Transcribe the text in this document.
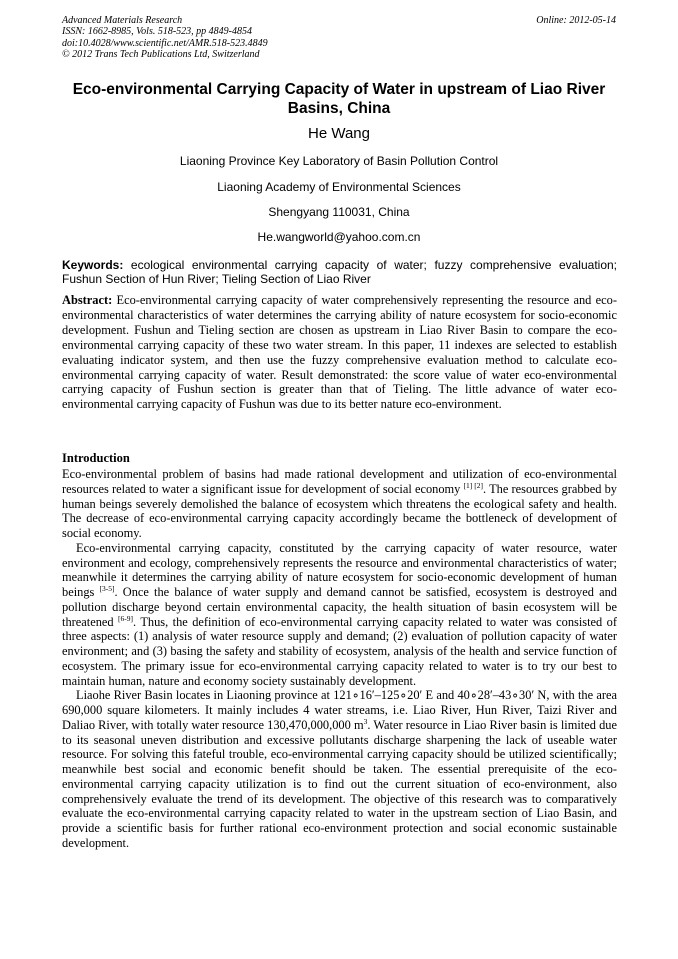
Advanced Materials Research
ISSN: 1662-8985, Vols. 518-523, pp 4849-4854
doi:10.4028/www.scientific.net/AMR.518-523.4849
© 2012 Trans Tech Publications Ltd, Switzerland
Online: 2012-05-14
Eco-environmental Carrying Capacity of Water in upstream of Liao River Basins, China
He Wang
Liaoning Province Key Laboratory of Basin Pollution Control
Liaoning Academy of Environmental Sciences
Shengyang 110031, China
He.wangworld@yahoo.com.cn
Keywords: ecological environmental carrying capacity of water; fuzzy comprehensive evaluation; Fushun Section of Hun River; Tieling Section of Liao River
Abstract: Eco-environmental carrying capacity of water comprehensively representing the resource and eco-environmental characteristics of water determines the carrying ability of nature ecosystem for socio-economic development. Fushun and Tieling section are chosen as upstream in Liao River Basin to compare the eco-environmental carrying capacity of these two water stream. In this paper, 11 indexes are selected to establish evaluating indicator system, and then use the fuzzy comprehensive evaluation method to calculate eco-environmental carrying capacity of water. Result demonstrated: the score value of water eco-environmental carrying capacity of Fushun section is greater than that of Tieling. The little advance of water eco-environmental carrying capacity of Fushun was due to its better nature eco-environment.
Introduction

Eco-environmental problem of basins had made rational development and utilization of eco-environmental resources related to water a significant issue for development of social economy [1] [2]. The resources grabbed by human beings severely demolished the balance of ecosystem which threatens the ecological safety and health. The decrease of eco-environmental carrying capacity accordingly became the bottleneck of development of social economy.

Eco-environmental carrying capacity, constituted by the carrying capacity of water resource, water environment and ecology, comprehensively represents the resource and environmental characteristics of water; meanwhile it determines the carrying ability of nature ecosystem for socio-economic development of human beings [3-5]. Once the balance of water supply and demand cannot be satisfied, ecosystem is destroyed and pollution discharge beyond certain environmental capacity, the health situation of basin ecosystem will be threatened [6-9]. Thus, the definition of eco-environmental carrying capacity related to water was consisted of three aspects: (1) analysis of water resource supply and demand; (2) evaluation of pollution capacity of water environment; and (3) basing the safety and stability of ecosystem, analysis of the health and service function of ecosystem. The primary issue for eco-environmental carrying capacity related to water is to try our best to maintain human, nature and economy society sustainably development.

Liaohe River Basin locates in Liaoning province at 121∘16′–125∘20′ E and 40∘28′–43∘30′ N, with the area 690,000 square kilometers. It mainly includes 4 water streams, i.e. Liao River, Hun River, Taizi River and Daliao River, with totally water resource 130,470,000,000 $m^3$. Water resource in Liao River basin is limited due to its seasonal uneven distribution and excessive pollutants discharge sharpening the lack of useable water resource. For solving this fateful trouble, eco-environmental carrying capacity should be utilized scientifically; meanwhile best social and economic benefit should be taken. The essential prerequisite of the eco-environmental carrying capacity utilization is to find out the current situation of eco-environment, also comprehensively evaluate the trend of its development. The objective of this research was to comparatively evaluate the eco-environmental carrying capacity related to water in the upstream section of Liao Basin, and provide a scientific basis for further rational eco-environment protection and social economic sustainable development.
